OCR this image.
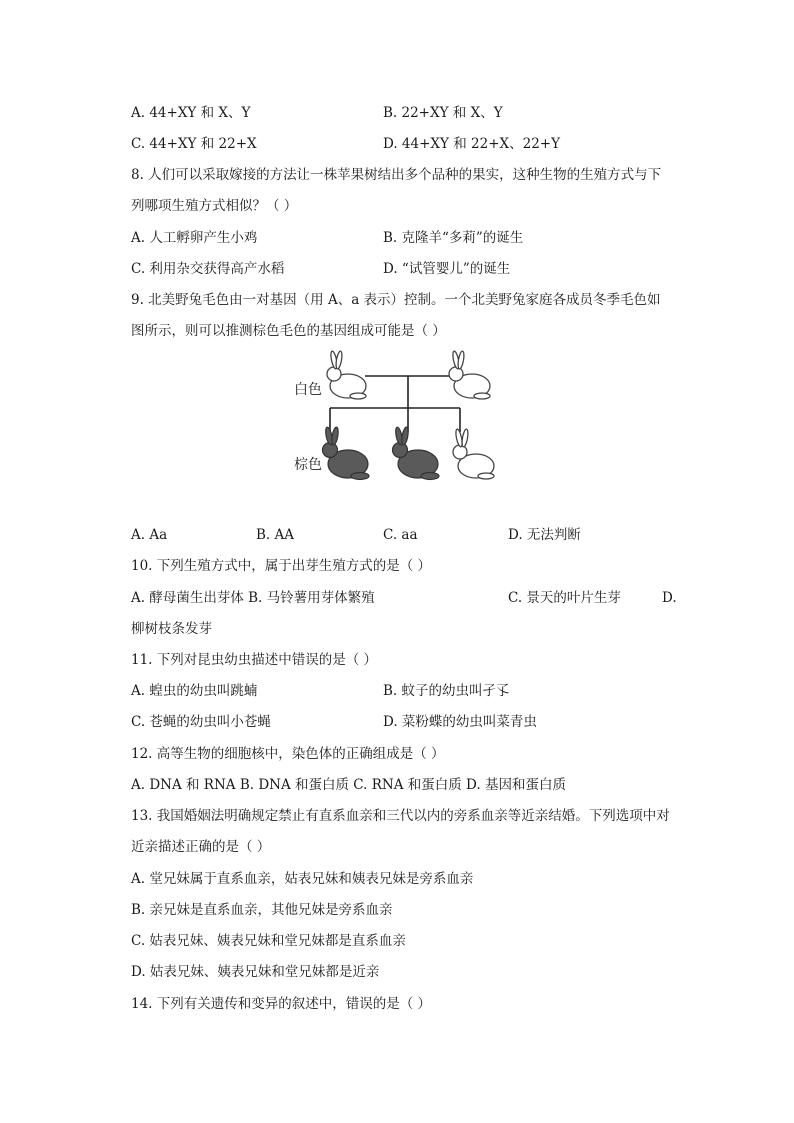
A. 44+XY 和 X、Y	B. 22+XY 和 X、Y
C. 44+XY 和 22+X	D. 44+XY 和 22+X、22+Y
8. 人们可以采取嫁接的方法让一株苹果树结出多个品种的果实，这种生物的生殖方式与下
列哪项生殖方式相似？（ ）
A. 人工孵卵产生小鸡	B. 克隆羊“多莉”的诞生
C. 利用杂交获得高产水稻	D. “试管婴儿”的诞生
9. 北美野兔毛色由一对基因（用 A、a 表示）控制。一个北美野兔家庭各成员冬季毛色如
图所示，则可以推测棕色毛色的基因组成可能是（ ）
白色
棕色
A. Aa	B. AA	C. aa	D. 无法判断
10. 下列生殖方式中，属于出芽生殖方式的是（ ）
A. 酵母菌生出芽体 B. 马铃薯用芽体繁殖	C. 景天的叶片生芽	D.
柳树枝条发芽
11. 下列对昆虫幼虫描述中错误的是（ ）
A. 蝗虫的幼虫叫跳蝻	B. 蚊子的幼虫叫孑孓
C. 苍蝇的幼虫叫小苍蝇	D. 菜粉蝶的幼虫叫菜青虫
12. 高等生物的细胞核中，染色体的正确组成是（ ）
A. DNA 和 RNA B. DNA 和蛋白质 C. RNA 和蛋白质 D. 基因和蛋白质
13. 我国婚姻法明确规定禁止有直系血亲和三代以内的旁系血亲等近亲结婚。下列选项中对
近亲描述正确的是（ ）
A. 堂兄妹属于直系血亲，姑表兄妹和姨表兄妹是旁系血亲
B. 亲兄妹是直系血亲，其他兄妹是旁系血亲
C. 姑表兄妹、姨表兄妹和堂兄妹都是直系血亲
D. 姑表兄妹、姨表兄妹和堂兄妹都是近亲
14. 下列有关遗传和变异的叙述中，错误的是（ ）
